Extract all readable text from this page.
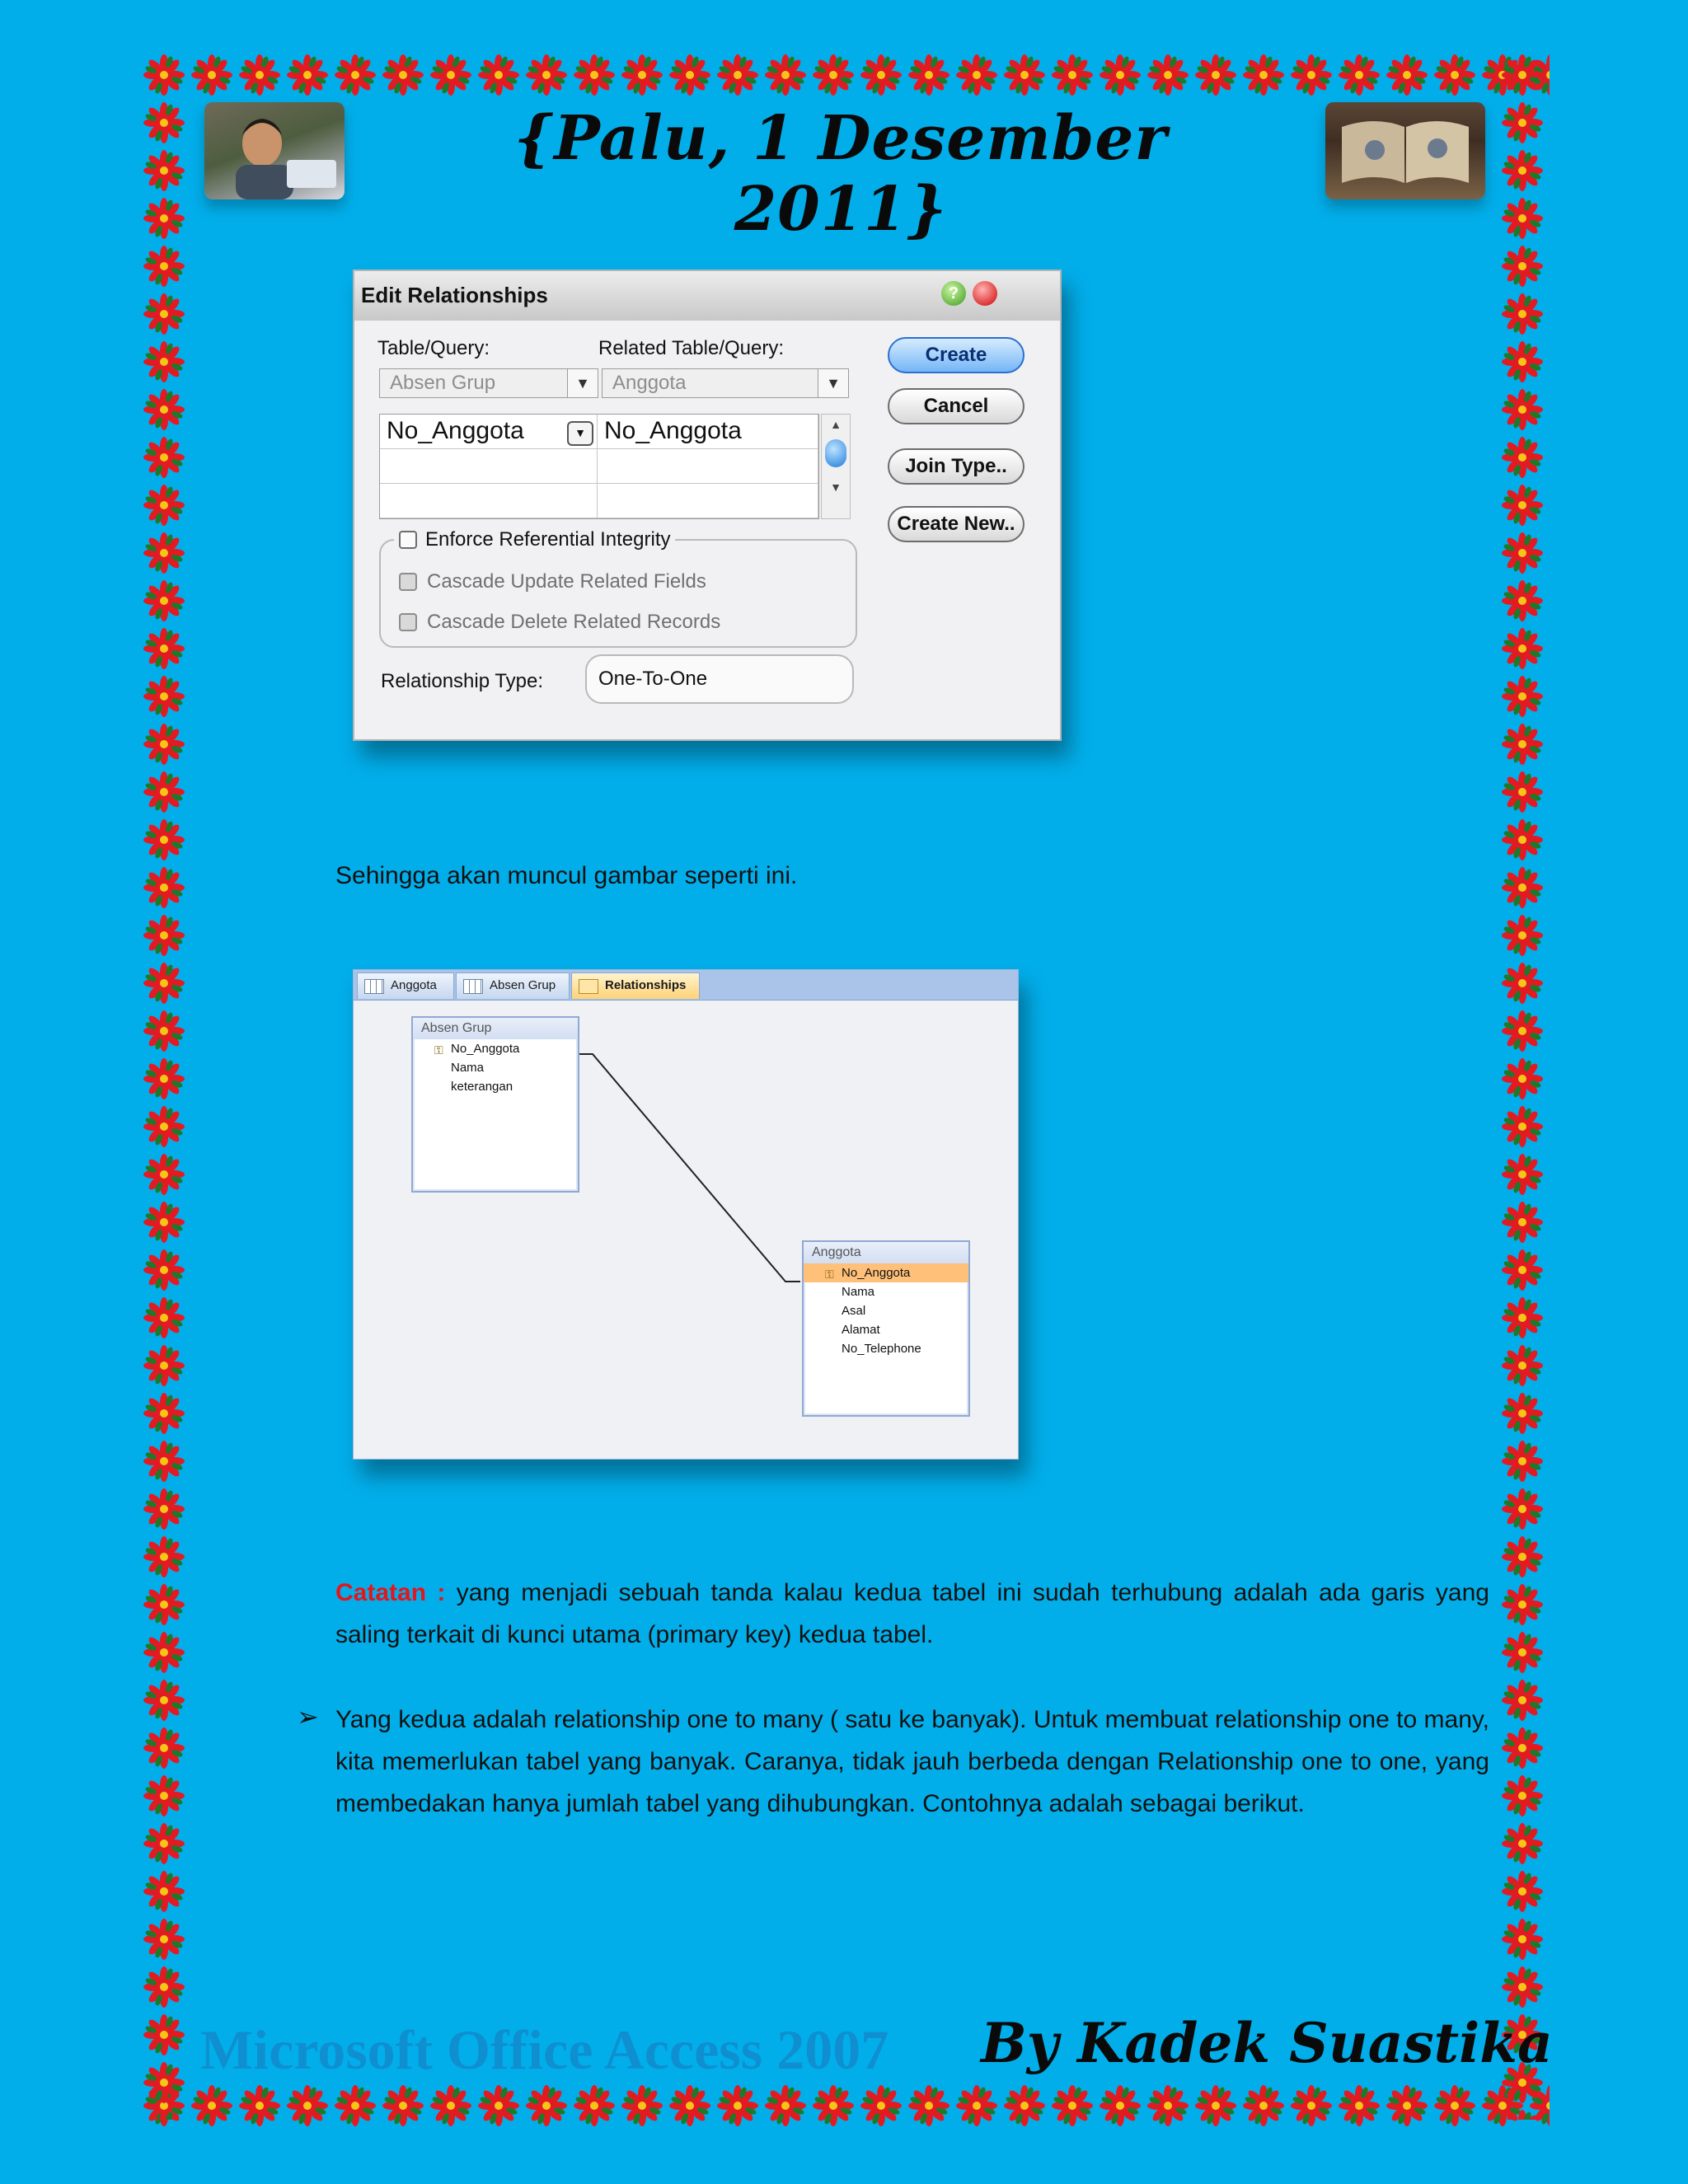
{Palu, 1 Desember 2011}
Edit Relationships	?
Table/Query:	Related Table/Query:
Absen Grup	▼	Anggota	▼
No_Anggota	▼ No_Anggota	▲
▼
Create
Cancel
Join Type..
Create New..
Enforce Referential Integrity
Cascade Update Related Fields
Cascade Delete Related Records
Relationship Type:	One-To-One
Sehingga akan muncul gambar seperti ini.
Anggota	Absen Grup	Relationships
Absen Grup
⚿ No_Anggota
Nama
keterangan
Anggota
⚿ No_Anggota
Nama
Asal
Alamat
No_Telephone
Catatan : yang menjadi sebuah tanda kalau kedua tabel ini sudah terhubung adalah ada garis yang saling terkait di kunci utama (primary key) kedua tabel.
➢ Yang kedua adalah relationship one to many ( satu ke banyak). Untuk membuat relationship one to many, kita memerlukan tabel yang banyak. Caranya, tidak jauh berbeda dengan Relationship one to one, yang membedakan hanya jumlah tabel yang dihubungkan. Contohnya adalah sebagai berikut.
Microsoft Office Access 2007 By Kadek Suastika
